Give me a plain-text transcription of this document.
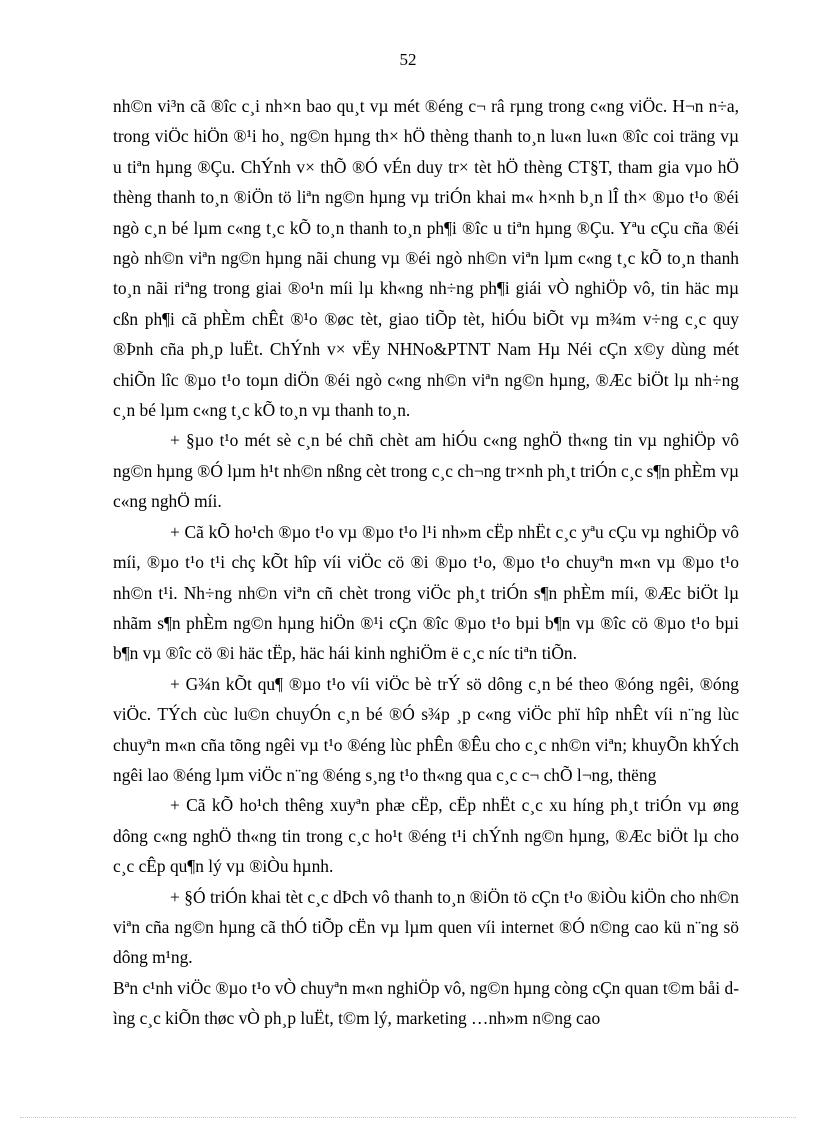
52

nh©n vi³n cã ®îc c¸i nh×n bao qu¸t vµ mét ®éng c¬ râ rµng trong c«ng viÖc. H¬n n÷a, trong viÖc hiÖn ®¹i ho¸ ng©n hµng th× hÖ thèng thanh to¸n lu«n lu«n ®îc coi träng vµ u tiªn hµng ®Çu. ChÝnh v× thÕ ®Ó vÉn duy tr× tèt hÖ thèng CT§T, tham gia vµo hÖ thèng thanh to¸n ®iÖn tö liªn ng©n hµng vµ triÓn khai m« h×nh b¸n lÎ th× ®µo t¹o ®éi ngò c¸n bé lµm c«ng t¸c kÕ to¸n thanh to¸n ph¶i ®îc u tiªn hµng ®Çu. Yªu cÇu cña ®éi ngò nh©n viªn ng©n hµng nãi chung vµ ®éi ngò nh©n viªn lµm c«ng t¸c kÕ to¸n thanh to¸n nãi riªng trong giai ®o¹n míi lµ kh«ng nh÷ng ph¶i giái vÒ nghiÖp vô, tin häc mµ cßn ph¶i cã phÈm chÊt ®¹o ®øc tèt, giao tiÕp tèt, hiÓu biÕt vµ m¾m v÷ng c¸c quy ®Þnh cña ph¸p luËt. ChÝnh v× vËy NHNo&PTNT Nam Hµ Néi cÇn x©y dùng mét chiÕn lîc ®µo t¹o toµn diÖn ®éi ngò c«ng nh©n viªn ng©n hµng, ®Æc biÖt lµ nh÷ng c¸n bé lµm c«ng t¸c kÕ to¸n vµ thanh to¸n.

+ §µo t¹o mét sè c¸n bé chñ chèt am hiÓu c«ng nghÖ th«ng tin vµ nghiÖp vô ng©n hµng ®Ó lµm h¹t nh©n nßng cèt trong c¸c ch¬ng tr×nh ph¸t triÓn c¸c s¶n phÈm vµ c«ng nghÖ míi.

+ Cã kÕ ho¹ch ®µo t¹o vµ ®µo t¹o l¹i nh»m cËp nhËt c¸c yªu cÇu vµ nghiÖp vô míi, ®µo t¹o t¹i chç kÕt hîp víi viÖc cö ®i ®µo t¹o, ®µo t¹o chuyªn m«n vµ ®µo t¹o nh©n t¹i. Nh÷ng nh©n viªn cñ chèt trong viÖc ph¸t triÓn s¶n phÈm míi, ®Æc biÖt lµ nhãm s¶n phÈm ng©n hµng hiÖn ®¹i cÇn ®îc ®µo t¹o bµi b¶n vµ ®îc cö ®µo t¹o bµi b¶n vµ ®îc cö ®i häc tËp, häc hái kinh nghiÖm ë c¸c níc tiªn tiÕn.

+ G¾n kÕt qu¶ ®µo t¹o víi viÖc bè trÝ sö dông c¸n bé theo ®óng ngêi, ®óng viÖc. TÝch cùc lu©n chuyÓn c¸n bé ®Ó s¾p ¸p c«ng viÖc phï hîp nhÊt víi n¨ng lùc chuyªn m«n cña tõng ngêi vµ t¹o ®éng lùc phÊn ®Êu cho c¸c nh©n viªn; khuyÕn khÝch ngêi lao ®éng lµm viÖc n¨ng ®éng s¸ng t¹o th«ng qua c¸c c¬ chÕ l¬ng, thëng

+ Cã kÕ ho¹ch thêng xuyªn phæ cËp, cËp nhËt c¸c xu híng ph¸t triÓn vµ øng dông c«ng nghÖ th«ng tin trong c¸c ho¹t ®éng t¹i chÝnh ng©n hµng, ®Æc biÖt lµ cho c¸c cÊp qu¶n lý vµ ®iÒu hµnh.

+ §Ó triÓn khai tèt c¸c dÞch vô thanh to¸n ®iÖn tö cÇn t¹o ®iÒu kiÖn cho nh©n viªn cña ng©n hµng cã thÓ tiÕp cËn vµ lµm quen víi internet ®Ó n©ng cao kü n¨ng sö dông m¹ng.

Bªn c¹nh viÖc ®µo t¹o vÒ chuyªn m«n nghiÖp vô, ng©n hµng còng cÇn quan t©m båi dìng c¸c kiÕn thøc vÒ ph¸p luËt, t©m lý, marketing …nh»m n©ng cao
